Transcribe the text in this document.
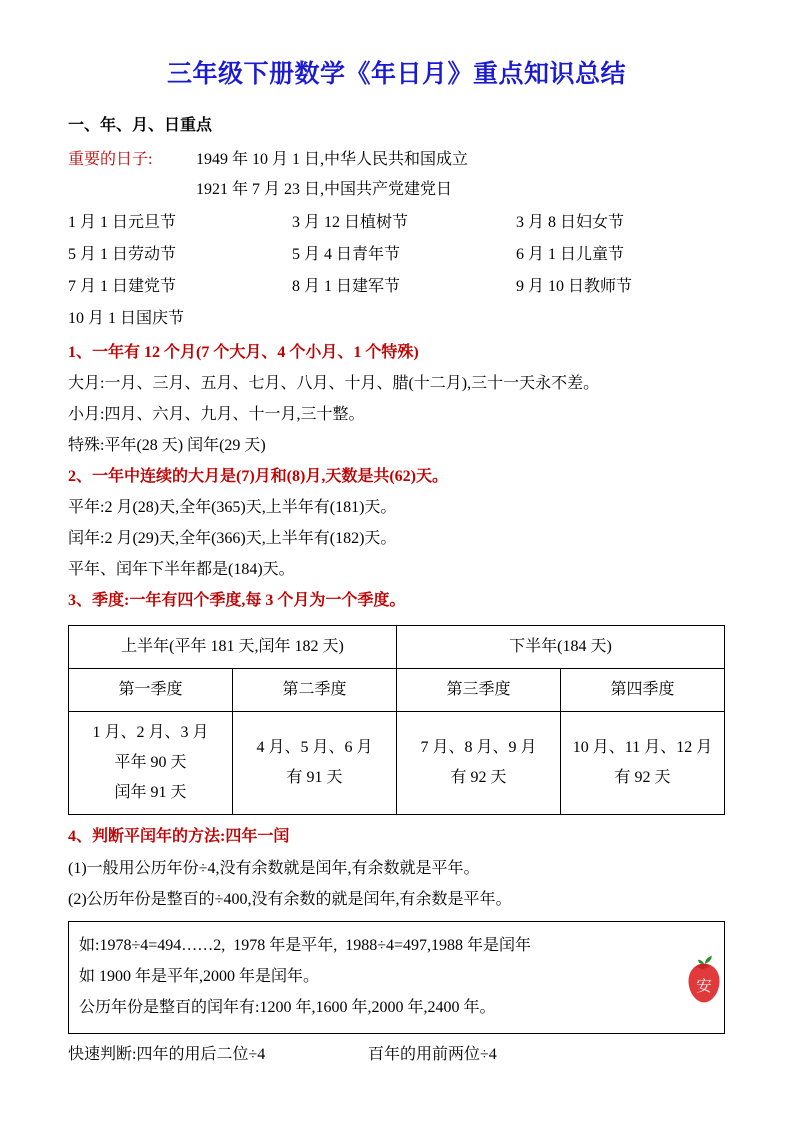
三年级下册数学《年日月》重点知识总结
一、年、月、日重点
重要的日子:	1949 年 10 月 1 日,中华人民共和国成立
1921 年 7 月 23 日,中国共产党建党日
1 月 1 日元旦节	3 月 12 日植树节	3 月 8 日妇女节
5 月 1 日劳动节	5 月 4 日青年节	6 月 1 日儿童节
7 月 1 日建党节	8 月 1 日建军节	9 月 10 日教师节
10 月 1 日国庆节
1、一年有 12 个月(7 个大月、4 个小月、1 个特殊)
大月:一月、三月、五月、七月、八月、十月、腊(十二月),三十一天永不差。
小月:四月、六月、九月、十一月,三十整。
特殊:平年(28 天) 闰年(29 天)
2、一年中连续的大月是(7)月和(8)月,天数是共(62)天。
平年:2 月(28)天,全年(365)天,上半年有(181)天。
闰年:2 月(29)天,全年(366)天,上半年有(182)天。
平年、闰年下半年都是(184)天。
3、季度:一年有四个季度,每 3 个月为一个季度。
上半年(平年 181 天,闰年 182 天)		下半年(184 天)	
第一季度	第二季度	第三季度	第四季度

1 月、2 月、3 月
平年 90 天
闰年 91 天	4 月、5 月、6 月
有 91 天	7 月、8 月、9 月
有 92 天	10 月、11 月、12 月
有 92 天
4、判断平闰年的方法:四年一闰
(1)一般用公历年份÷4,没有余数就是闰年,有余数就是平年。
(2)公历年份是整百的÷400,没有余数的就是闰年,有余数是平年。
如:1978÷4=494……2,  1978 年是平年,  1988÷4=497,1988 年是闰年
如 1900 年是平年,2000 年是闰年。
公历年份是整百的闰年有:1200 年,1600 年,2000 年,2400 年。
快速判断:四年的用后二位÷4	百年的用前两位÷4
安
